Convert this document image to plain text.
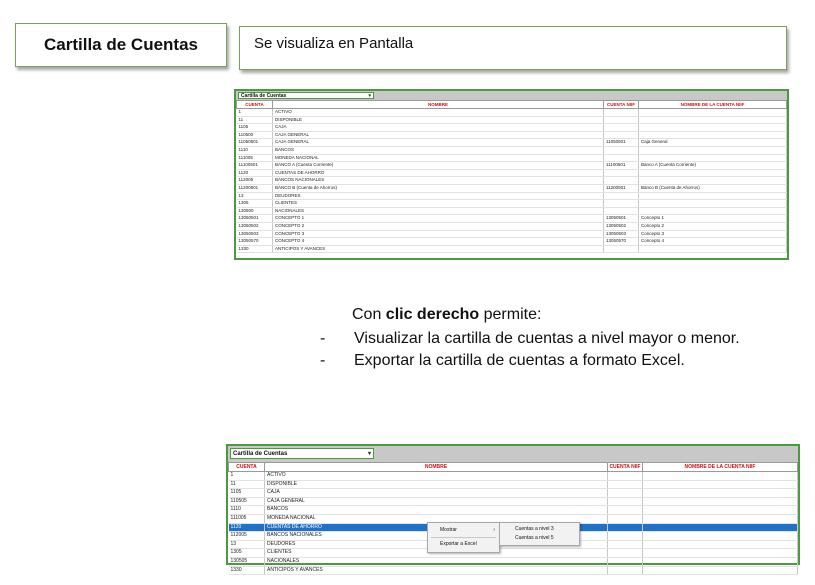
Cartilla de Cuentas	Se visualiza en Pantalla
Cartilla de Cuentas	▾
CUENTA	NOMBRE	CUENTA NIIF	NOMBRE DE LA CUENTA NIIF
1	ACTIVO		
11	DISPONIBLE		
1105	CAJA		
110500	CAJA GENERAL		
11050501	CAJA GENERAL	11050501	Caja General
1110	BANCOS		
111005	MONEDA NACIONAL		
11100501	BANCO A (Cuenta Corriente)	11100501	Banco A (Cuenta Corriente)
1120	CUENTAS DE AHORRO		
112005	BANCOS NACIONALES		
11200501	BANCO B (Cuenta de Ahorros)	11200501	Banco B (Cuenta de Ahorros)
13	DEUDORES		
1305	CLIENTES		
130500	NACIONALES		
13050501	CONCEPTO 1	13050501	Concepto 1
13050502	CONCEPTO 2	13050502	Concepto 2
13050503	CONCEPTO 3	13050503	Concepto 3
13050570	CONCEPTO 4	13050570	Concepto 4
1330	ANTICIPOS Y AVANCES		
Con clic derecho permite:
-	Visualizar la cartilla de cuentas a nivel mayor o menor.
-	Exportar la cartilla de cuentas a formato Excel.
Cartilla de Cuentas	▾
CUENTA	NOMBRE	CUENTA NIIF	NOMBRE DE LA CUENTA NIIF
1	ACTIVO		
11	DISPONIBLE		
1105	CAJA		
110505	CAJA GENERAL		
1110	BANCOS		
111005	MONEDA NACIONAL		
1120	CUENTAS DE AHORRO		
112005	BANCOS NACIONALES		
13	DEUDORES		
1305	CLIENTES		
130505	NACIONALES		
1330	ANTICIPOS Y AVANCES		
Mostrar	›
Exportar a Excel
Cuentas a nivel 3
Cuentas a nivel 5
